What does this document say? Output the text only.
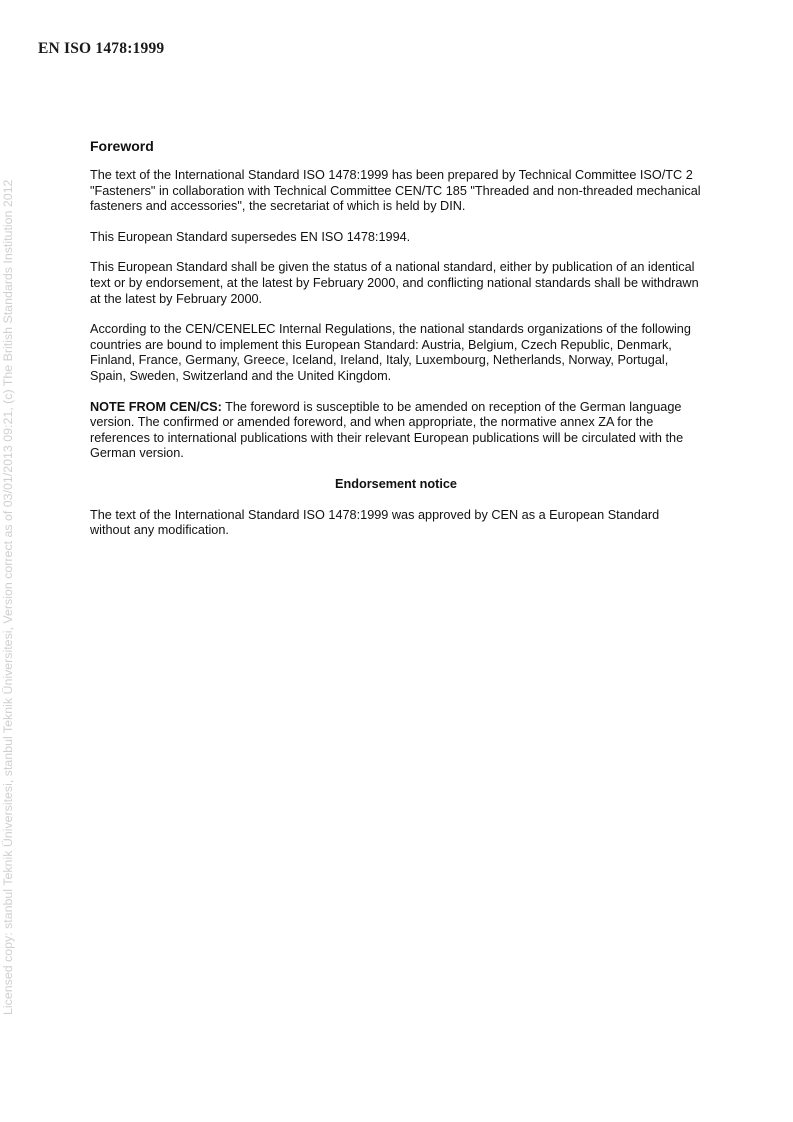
EN ISO 1478:1999
Licensed copy: stanbul Teknik Üniversitesi, stanbul Teknik Üniversitesi, Version correct as of 03/01/2013 09:21, (c) The British Standards Institution 2012
Foreword

The text of the International Standard ISO 1478:1999 has been prepared by Technical Committee ISO/TC 2 "Fasteners" in collaboration with Technical Committee CEN/TC 185 "Threaded and non-threaded mechanical fasteners and accessories", the secretariat of which is held by DIN.

This European Standard supersedes EN ISO 1478:1994.

This European Standard shall be given the status of a national standard, either by publication of an identical text or by endorsement, at the latest by February 2000, and conflicting national standards shall be withdrawn at the latest by February 2000.

According to the CEN/CENELEC Internal Regulations, the national standards organizations of the following countries are bound to implement this European Standard: Austria, Belgium, Czech Republic, Denmark, Finland, France, Germany, Greece, Iceland, Ireland, Italy, Luxembourg, Netherlands, Norway, Portugal, Spain, Sweden, Switzerland and the United Kingdom.

NOTE FROM CEN/CS: The foreword is susceptible to be amended on reception of the German language version. The confirmed or amended foreword, and when appropriate, the normative annex ZA for the references to international publications with their relevant European publications will be circulated with the German version.

Endorsement notice

The text of the International Standard ISO 1478:1999 was approved by CEN as a European Standard without any modification.
